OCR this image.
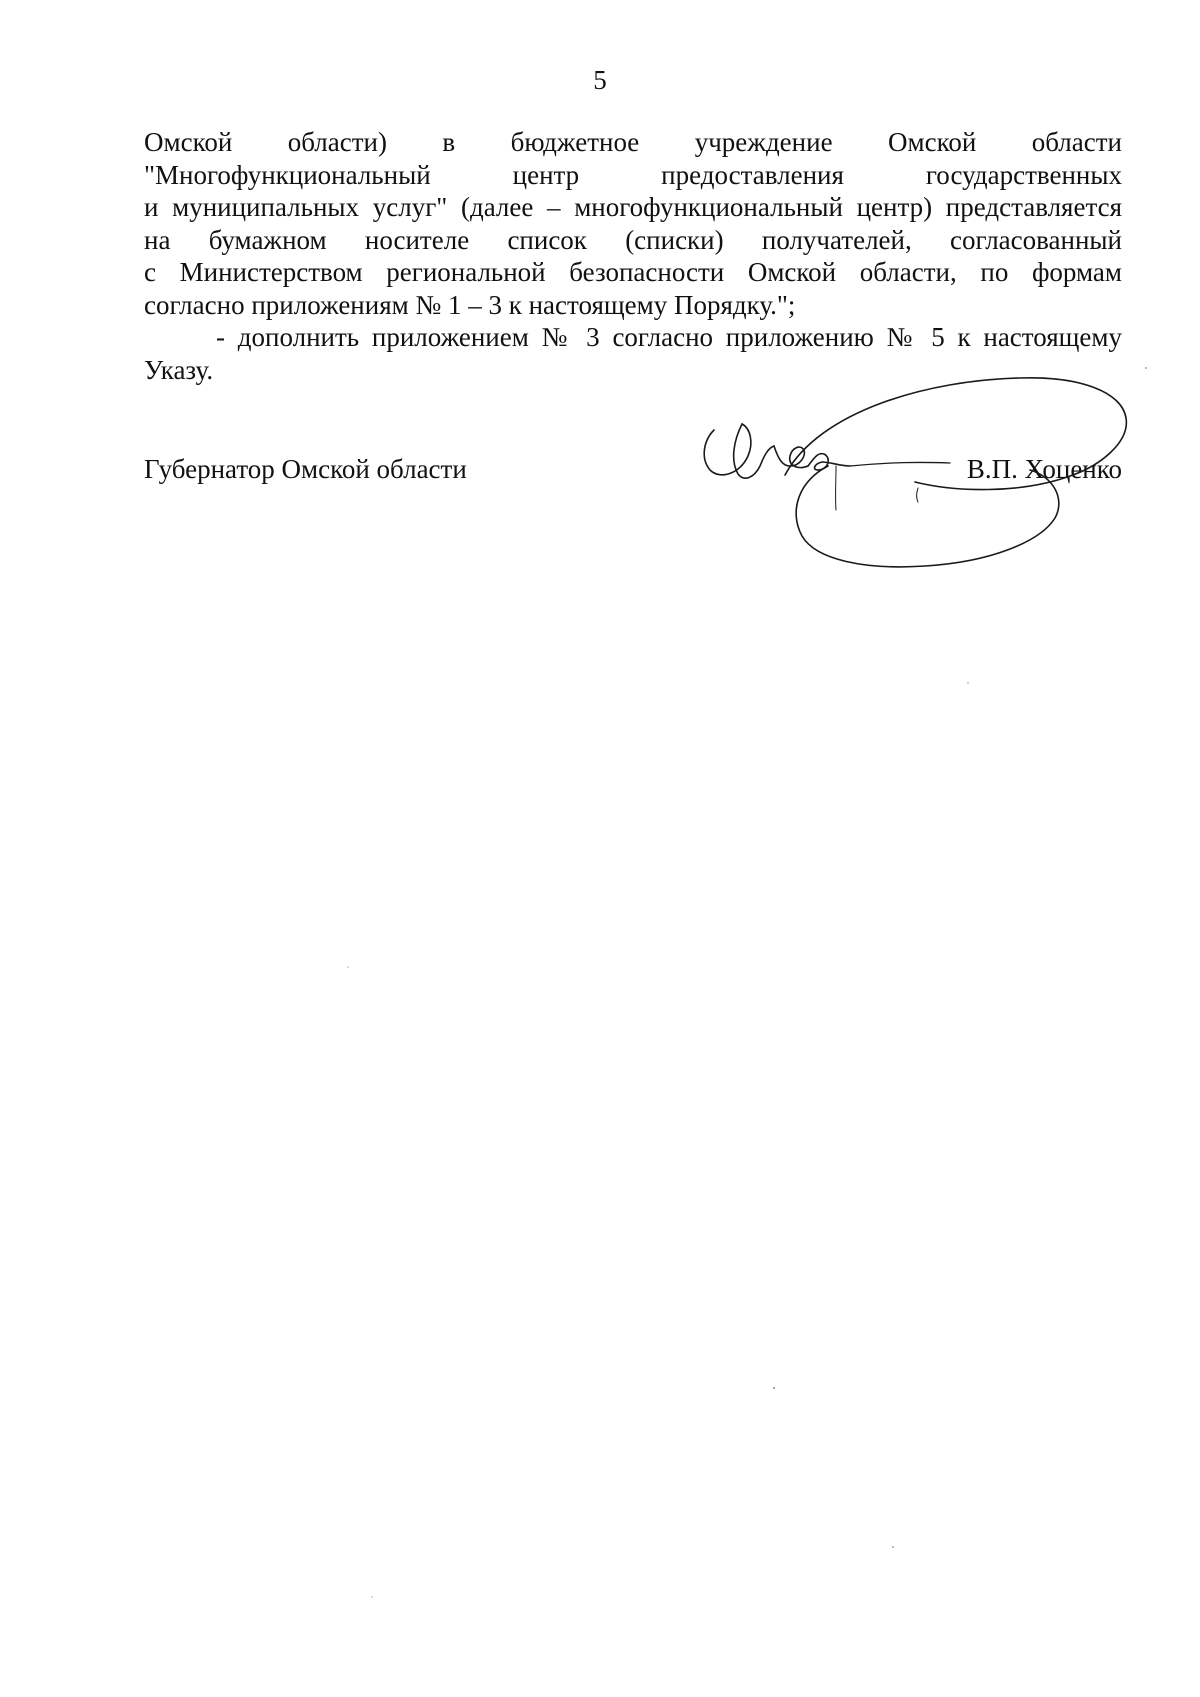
5
Омской области) в бюджетное учреждение Омской области
"Многофункциональный центр предоставления государственных
и муниципальных услуг" (далее – многофункциональный центр) представляется
на бумажном носителе список (списки) получателей, согласованный
с Министерством региональной безопасности Омской области, по формам
согласно приложениям № 1 – 3 к настоящему Порядку.";
- дополнить приложением № 3 согласно приложению № 5 к настоящему
Указу.
Губернатор Омской области	В.П. Хоценко
